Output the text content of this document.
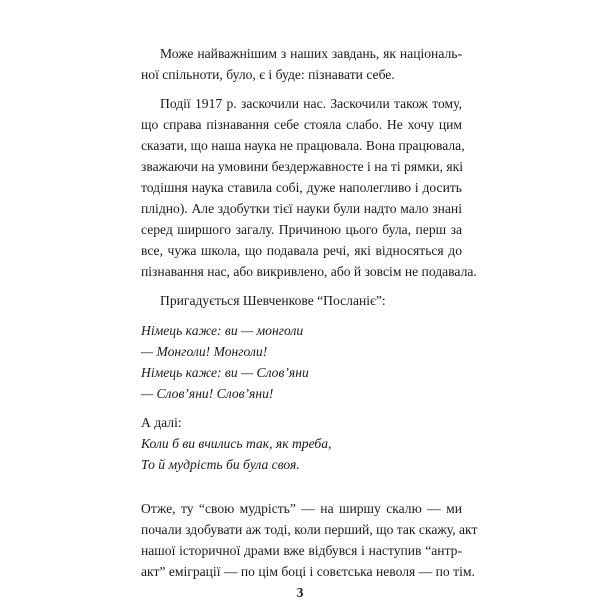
Може найважнішим з наших завдань, як національ-
ної спільноти, було, є і буде: пізнавати себе.
Події 1917 р. заскочили нас. Заскочили також тому,
що справа пізнавання себе стояла слабо. Не хочу цим
сказати, що наша наука не працювала. Вона працювала,
зважаючи на умовини бездержавносте і на ті рямки, які
тодішня наука ставила собі, дуже наполегливо і досить
плідно). Але здобутки тієї науки були надто мало знані
серед ширшого загалу. Причиною цього була, перш за
все, чужа школа, що подавала речі, які відносяться до
пізнавання нас, або викривлено, або й зовсім не подавала.
Пригадується Шевченкове “Посланіє”:
Німець каже: ви — монголи
— Монголи! Монголи!
Німець каже: ви — Слов’яни
— Слов’яни! Слов’яни!
А далі:
Коли б ви вчились так, як треба,
То й мудрість би була своя.
Отже, ту “свою мудрість” — на ширшу скалю — ми
почали здобувати аж тоді, коли перший, що так скажу, акт
нашої історичної драми вже відбувся і наступив “антр-
акт” еміграції — по цім боці і совєтська неволя — по тім.
3
